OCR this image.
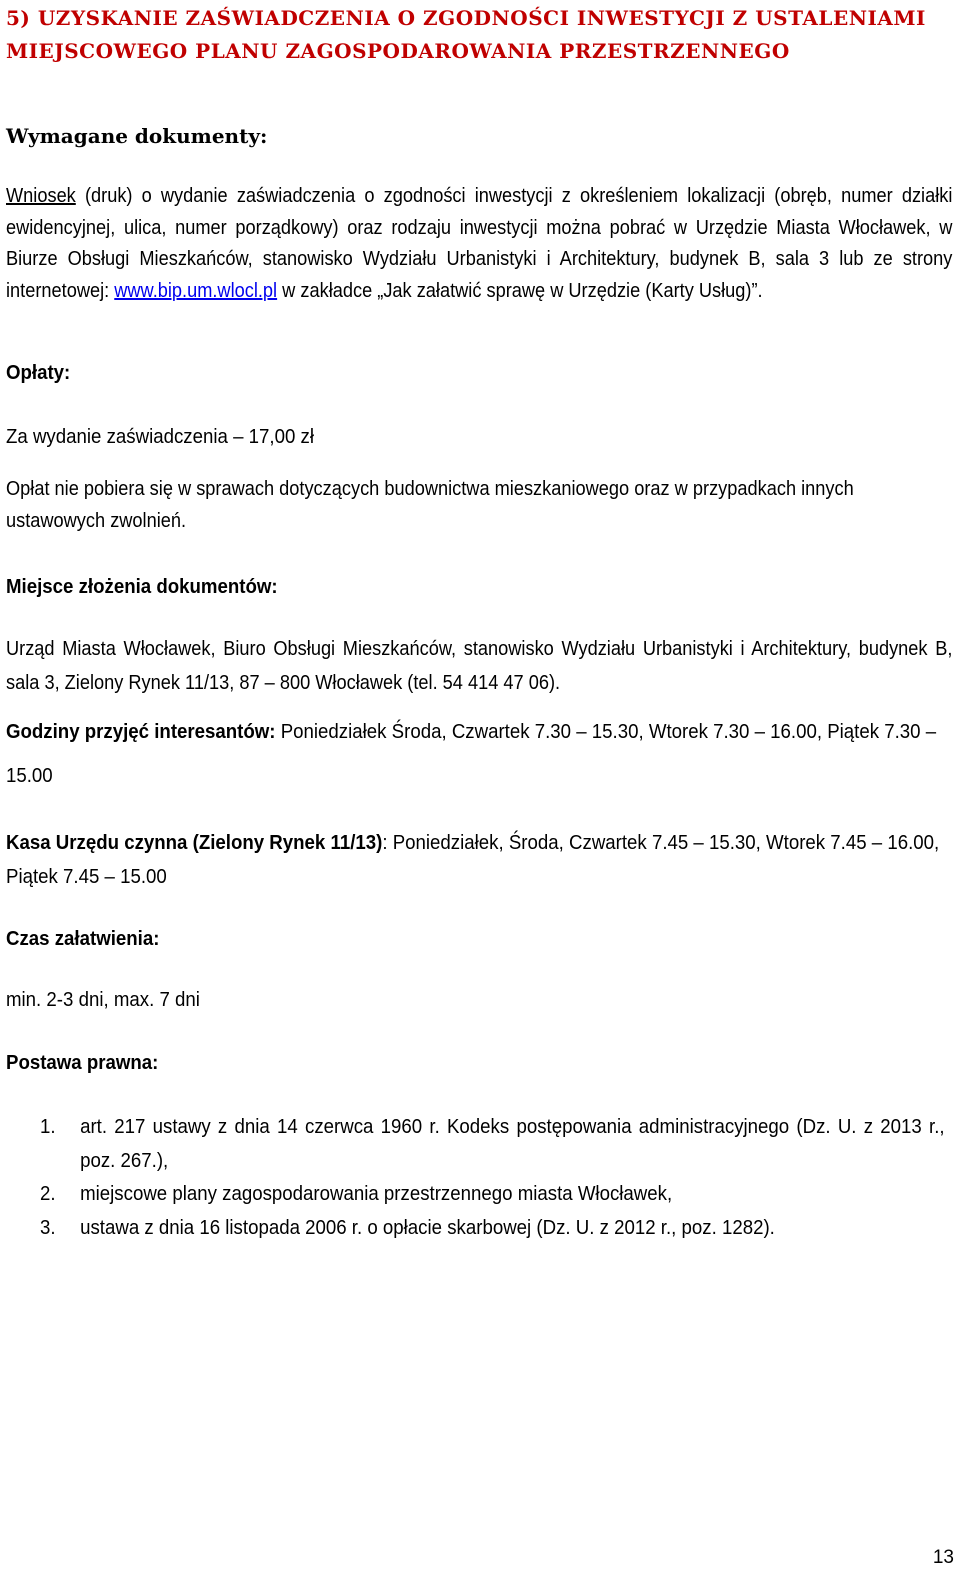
5) UZYSKANIE ZAŚWIADCZENIA O ZGODNOŚCI INWESTYCJI Z USTALENIAMI
MIEJSCOWEGO PLANU ZAGOSPODAROWANIA PRZESTRZENNEGO
Wymagane dokumenty:
Wniosek (druk) o wydanie zaświadczenia o zgodności inwestycji z określeniem lokalizacji (obręb, numer działki ewidencyjnej, ulica, numer porządkowy) oraz rodzaju inwestycji można pobrać w Urzędzie Miasta Włocławek, w Biurze Obsługi Mieszkańców, stanowisko Wydziału Urbanistyki i Architektury, budynek B, sala 3 lub ze strony internetowej: www.bip.um.wlocl.pl w zakładce „Jak załatwić sprawę w Urzędzie (Karty Usług)”.
Opłaty:
Za wydanie zaświadczenia – 17,00 zł
Opłat nie pobiera się w sprawach dotyczących budownictwa mieszkaniowego oraz w przypadkach innych ustawowych zwolnień.
Miejsce złożenia dokumentów:
Urząd Miasta Włocławek, Biuro Obsługi Mieszkańców, stanowisko Wydziału Urbanistyki i Architektury, budynek B, sala 3, Zielony Rynek 11/13, 87 – 800 Włocławek (tel. 54 414 47 06).
Godziny przyjęć interesantów: Poniedziałek Środa, Czwartek 7.30 – 15.30, Wtorek 7.30 – 16.00, Piątek 7.30 – 15.00
Kasa Urzędu czynna (Zielony Rynek 11/13): Poniedziałek, Środa, Czwartek 7.45 – 15.30, Wtorek 7.45 – 16.00, Piątek 7.45 – 15.00
Czas załatwienia:
min. 2-3 dni, max. 7 dni
Postawa prawna:
1. art. 217 ustawy z dnia 14 czerwca 1960 r. Kodeks postępowania administracyjnego (Dz. U. z 2013 r., poz. 267.),
2. miejscowe plany zagospodarowania przestrzennego miasta Włocławek,
3. ustawa z dnia 16 listopada 2006 r. o opłacie skarbowej (Dz. U. z 2012 r., poz. 1282).
13
